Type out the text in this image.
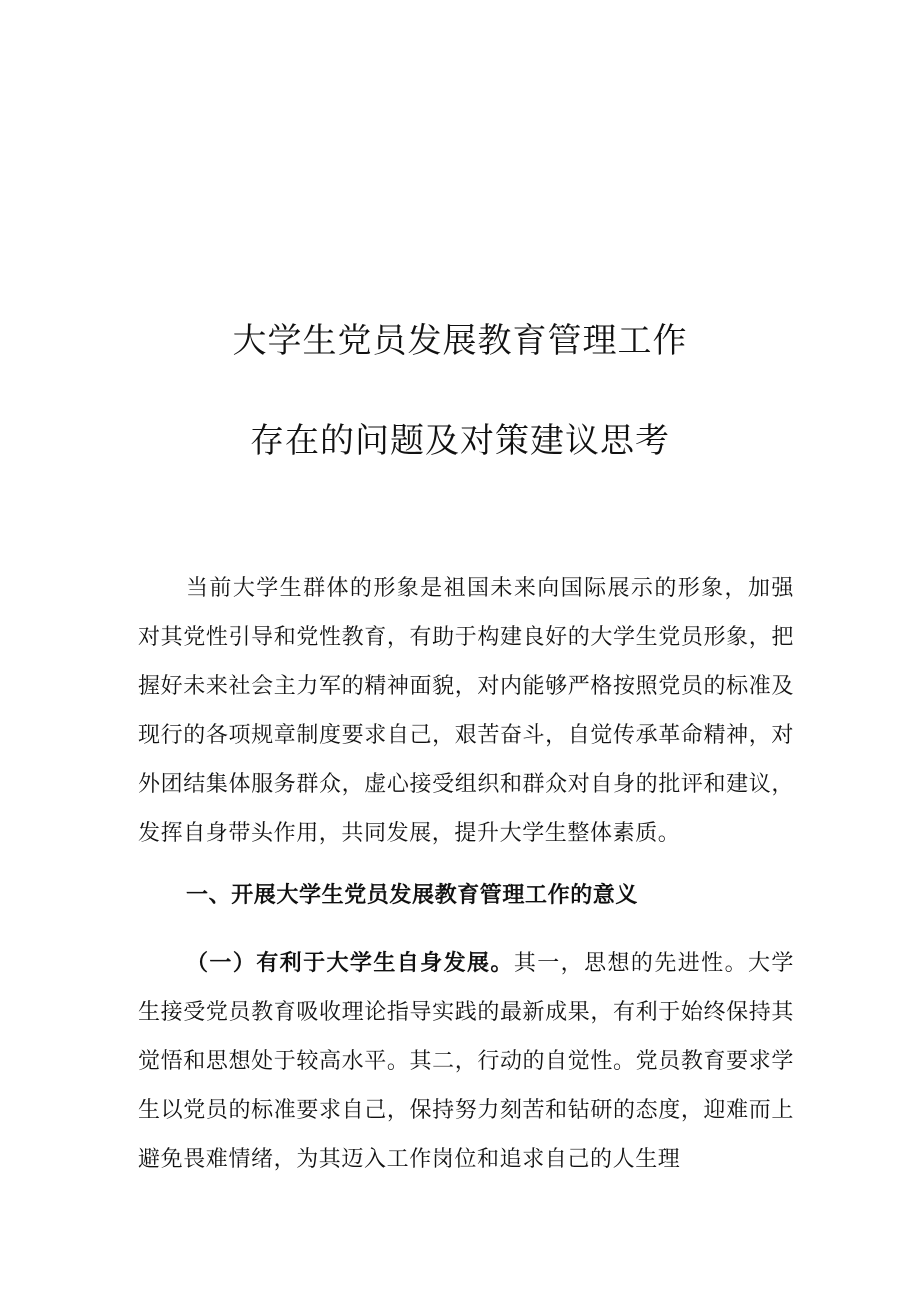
大学生党员发展教育管理工作
存在的问题及对策建议思考

当前大学生群体的形象是祖国未来向国际展示的形象，加强对其党性引导和党性教育，有助于构建良好的大学生党员形象，把握好未来社会主力军的精神面貌，对内能够严格按照党员的标准及现行的各项规章制度要求自己，艰苦奋斗，自觉传承革命精神，对外团结集体服务群众，虚心接受组织和群众对自身的批评和建议，发挥自身带头作用，共同发展，提升大学生整体素质。

一、开展大学生党员发展教育管理工作的意义

（一）有利于大学生自身发展。其一，思想的先进性。大学生接受党员教育吸收理论指导实践的最新成果，有利于始终保持其觉悟和思想处于较高水平。其二，行动的自觉性。党员教育要求学生以党员的标准要求自己，保持努力刻苦和钻研的态度，迎难而上避免畏难情绪，为其迈入工作岗位和追求自己的人生理
